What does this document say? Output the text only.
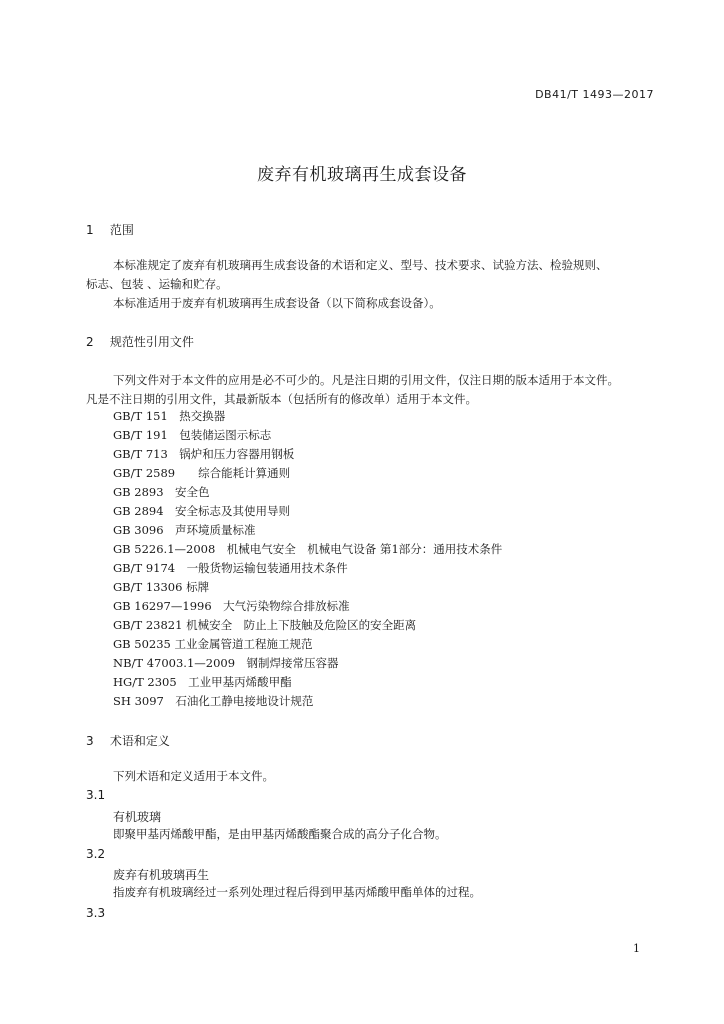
DB41/T 1493—2017
废弃有机玻璃再生成套设备
1 范围
本标准规定了废弃有机玻璃再生成套设备的术语和定义、型号、技术要求、试验方法、检验规则、
标志、包装 、运输和贮存。
本标准适用于废弃有机玻璃再生成套设备（以下简称成套设备）。
2 规范性引用文件
下列文件对于本文件的应用是必不可少的。凡是注日期的引用文件，仅注日期的版本适用于本文件。
凡是不注日期的引用文件，其最新版本（包括所有的修改单）适用于本文件。
GB/T 151　热交换器
GB/T 191　包装储运图示标志
GB/T 713　锅炉和压力容器用钢板
GB/T 2589　　综合能耗计算通则
GB 2893　安全色
GB 2894　安全标志及其使用导则
GB 3096　声环境质量标准
GB 5226.1—2008　机械电气安全　机械电气设备 第1部分：通用技术条件
GB/T 9174　一般货物运输包装通用技术条件
GB/T 13306 标牌
GB 16297—1996　大气污染物综合排放标准
GB/T 23821 机械安全　防止上下肢触及危险区的安全距离
GB 50235 工业金属管道工程施工规范
NB/T 47003.1—2009　钢制焊接常压容器
HG/T 2305　工业甲基丙烯酸甲酯
SH 3097　石油化工静电接地设计规范
3 术语和定义
下列术语和定义适用于本文件。
3.1
有机玻璃
即聚甲基丙烯酸甲酯，是由甲基丙烯酸酯聚合成的高分子化合物。
3.2
废弃有机玻璃再生
指废弃有机玻璃经过一系列处理过程后得到甲基丙烯酸甲酯单体的过程。
3.3
1
